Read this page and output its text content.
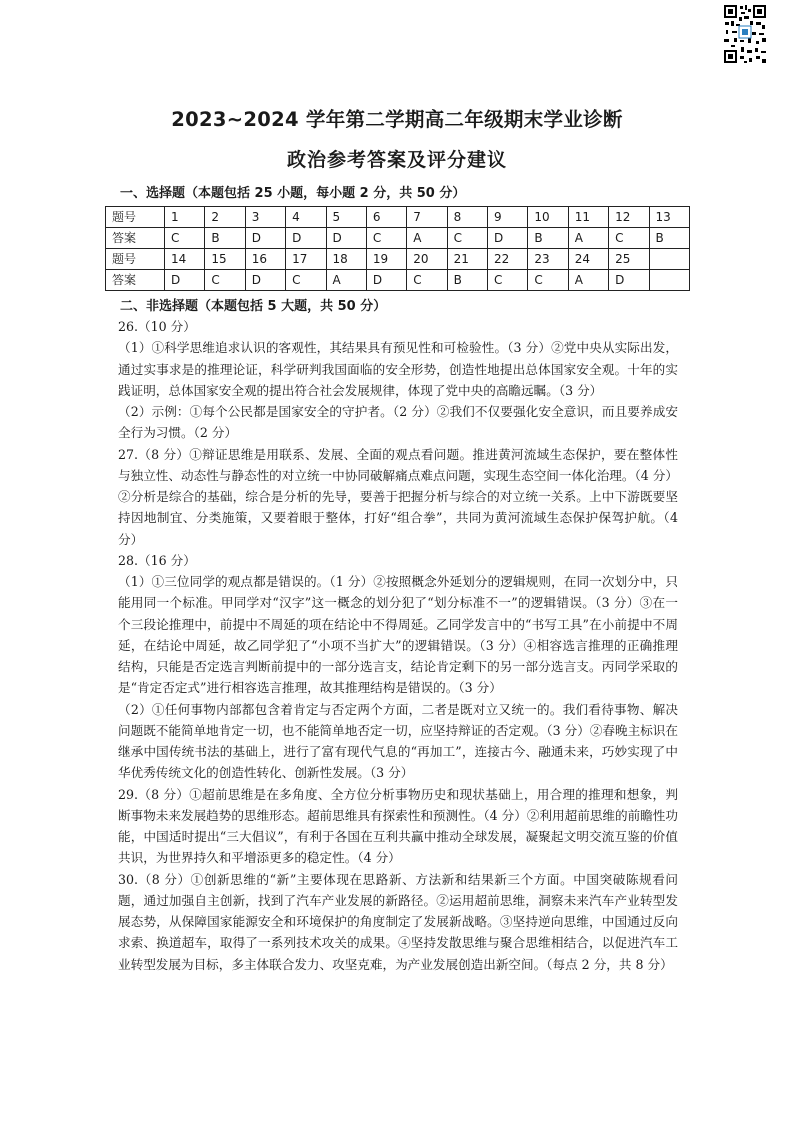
2023~2024 学年第二学期高二年级期末学业诊断
政治参考答案及评分建议
一、选择题（本题包括 25 小题，每小题 2 分，共 50 分）
题号	1	2	3	4	5	6	7	8	9	10	11	12	13
答案	C	B	D	D	D	C	A	C	D	B	A	C	B
题号	14	15	16	17	18	19	20	21	22	23	24	25	
答案	D	C	D	C	A	D	C	B	C	C	A	D	
二、非选择题（本题包括 5 大题，共 50 分）

26.（10 分）

（1）①科学思维追求认识的客观性，其结果具有预见性和可检验性。（3 分）②党中央从实际出发，通过实事求是的推理论证，科学研判我国面临的安全形势，创造性地提出总体国家安全观。十年的实践证明，总体国家安全观的提出符合社会发展规律，体现了党中央的高瞻远瞩。（3 分）

（2）示例：①每个公民都是国家安全的守护者。（2 分）②我们不仅要强化安全意识，而且要养成安全行为习惯。（2 分）

27.（8 分）①辩证思维是用联系、发展、全面的观点看问题。推进黄河流域生态保护，要在整体性与独立性、动态性与静态性的对立统一中协同破解痛点难点问题，实现生态空间一体化治理。（4 分）②分析是综合的基础，综合是分析的先导，要善于把握分析与综合的对立统一关系。上中下游既要坚持因地制宜、分类施策，又要着眼于整体，打好“组合拳”，共同为黄河流域生态保护保驾护航。（4 分）

28.（16 分）

（1）①三位同学的观点都是错误的。（1 分）②按照概念外延划分的逻辑规则，在同一次划分中，只能用同一个标准。甲同学对“汉字”这一概念的划分犯了“划分标准不一”的逻辑错误。（3 分）③在一个三段论推理中，前提中不周延的项在结论中不得周延。乙同学发言中的“书写工具”在小前提中不周延，在结论中周延，故乙同学犯了“小项不当扩大”的逻辑错误。（3 分）④相容选言推理的正确推理结构，只能是否定选言判断前提中的一部分选言支，结论肯定剩下的另一部分选言支。丙同学采取的是“肯定否定式”进行相容选言推理，故其推理结构是错误的。（3 分）

（2）①任何事物内部都包含着肯定与否定两个方面，二者是既对立又统一的。我们看待事物、解决问题既不能简单地肯定一切，也不能简单地否定一切，应坚持辩证的否定观。（3 分）②春晚主标识在继承中国传统书法的基础上，进行了富有现代气息的“再加工”，连接古今、融通未来，巧妙实现了中华优秀传统文化的创造性转化、创新性发展。（3 分）

29.（8 分）①超前思维是在多角度、全方位分析事物历史和现状基础上，用合理的推理和想象，判断事物未来发展趋势的思维形态。超前思维具有探索性和预测性。（4 分）②利用超前思维的前瞻性功能，中国适时提出“三大倡议”，有利于各国在互利共赢中推动全球发展，凝聚起文明交流互鉴的价值共识，为世界持久和平增添更多的稳定性。（4 分）

30.（8 分）①创新思维的“新”主要体现在思路新、方法新和结果新三个方面。中国突破陈规看问题，通过加强自主创新，找到了汽车产业发展的新路径。②运用超前思维，洞察未来汽车产业转型发展态势，从保障国家能源安全和环境保护的角度制定了发展新战略。③坚持逆向思维，中国通过反向求索、换道超车，取得了一系列技术攻关的成果。④坚持发散思维与聚合思维相结合，以促进汽车工业转型发展为目标，多主体联合发力、攻坚克难，为产业发展创造出新空间。（每点 2 分，共 8 分）
